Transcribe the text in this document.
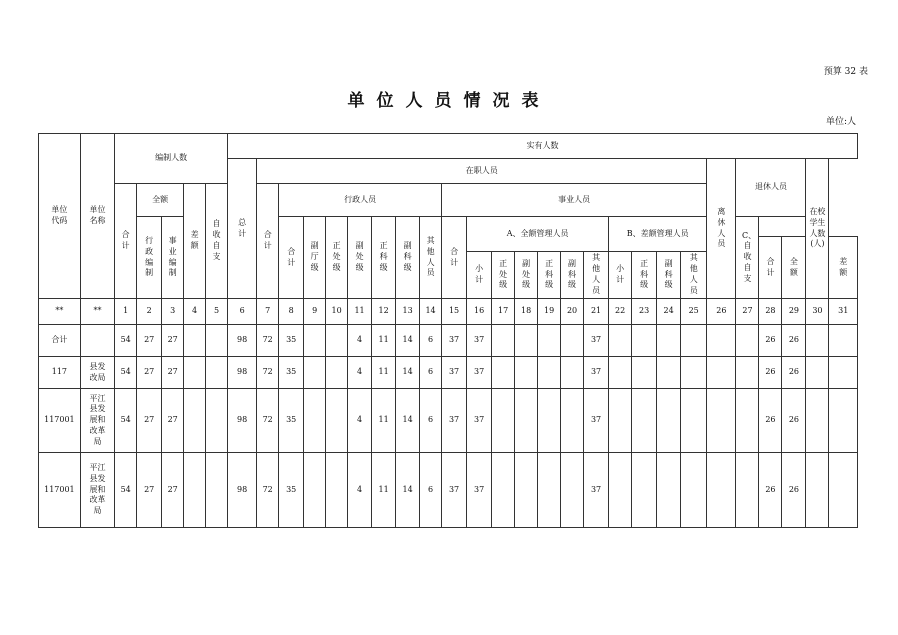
预算 32 表
单位人员情况表
单位:人
单位代码	单位名称	编制人数					实有人数																									
							总计	在职人员																			离休人员	退休人员			在校学生人数(人)	
		合计	全额		差额	自收自支		合计	行政人员							事业人员																
			行政编制	事业编制					合计	副厅级	正处级	副处级	正科级	副科级	其他人员	合计	A、全额管理人员						B、差额管理人员					C、自收自支				
																													合计	全额		差额
																	小计	正处级	副处级	正科级	副科级	其他人员	小计	正科级	副科级	其他人员						
**	**	1	2	3	4	5	6	7	8	9	10	11	12	13	14	15	16	17	18	19	20	21	22	23	24	25	26	27	28	29	30	31
合计		54	27	27			98	72	35			4	11	14	6	37	37					37							26	26		
117	县发改局	54	27	27			98	72	35			4	11	14	6	37	37					37							26	26		
117001	平江县发展和改革局	54	27	27			98	72	35			4	11	14	6	37	37					37							26	26		
117001	平江县发展和改革局	54	27	27			98	72	35			4	11	14	6	37	37					37							26	26		
